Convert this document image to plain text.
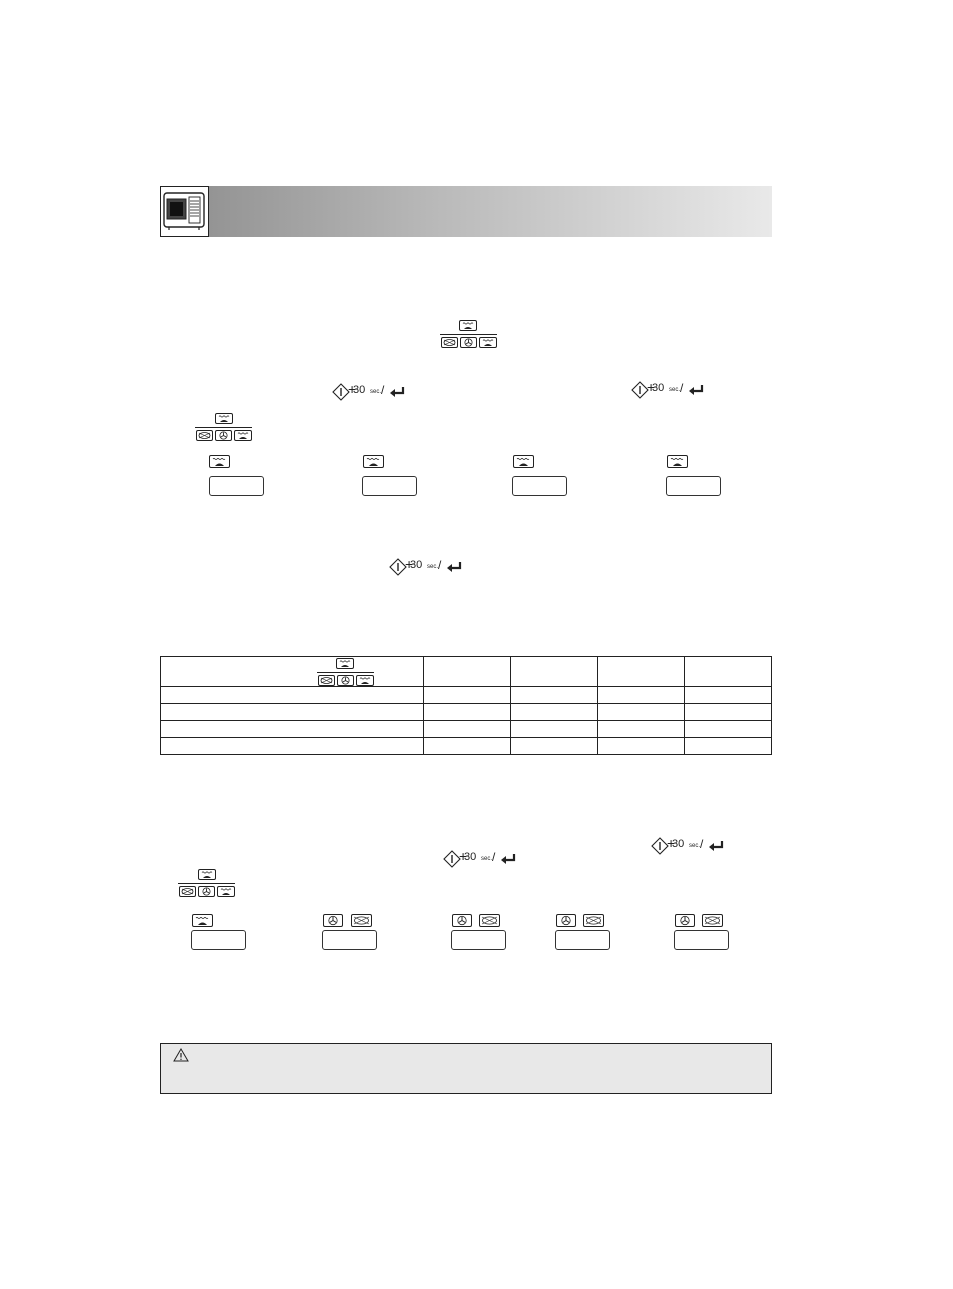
+
30 sec. /	+
30 sec. /
+
30 sec. /

+
30 sec. /
+
30 sec. /
